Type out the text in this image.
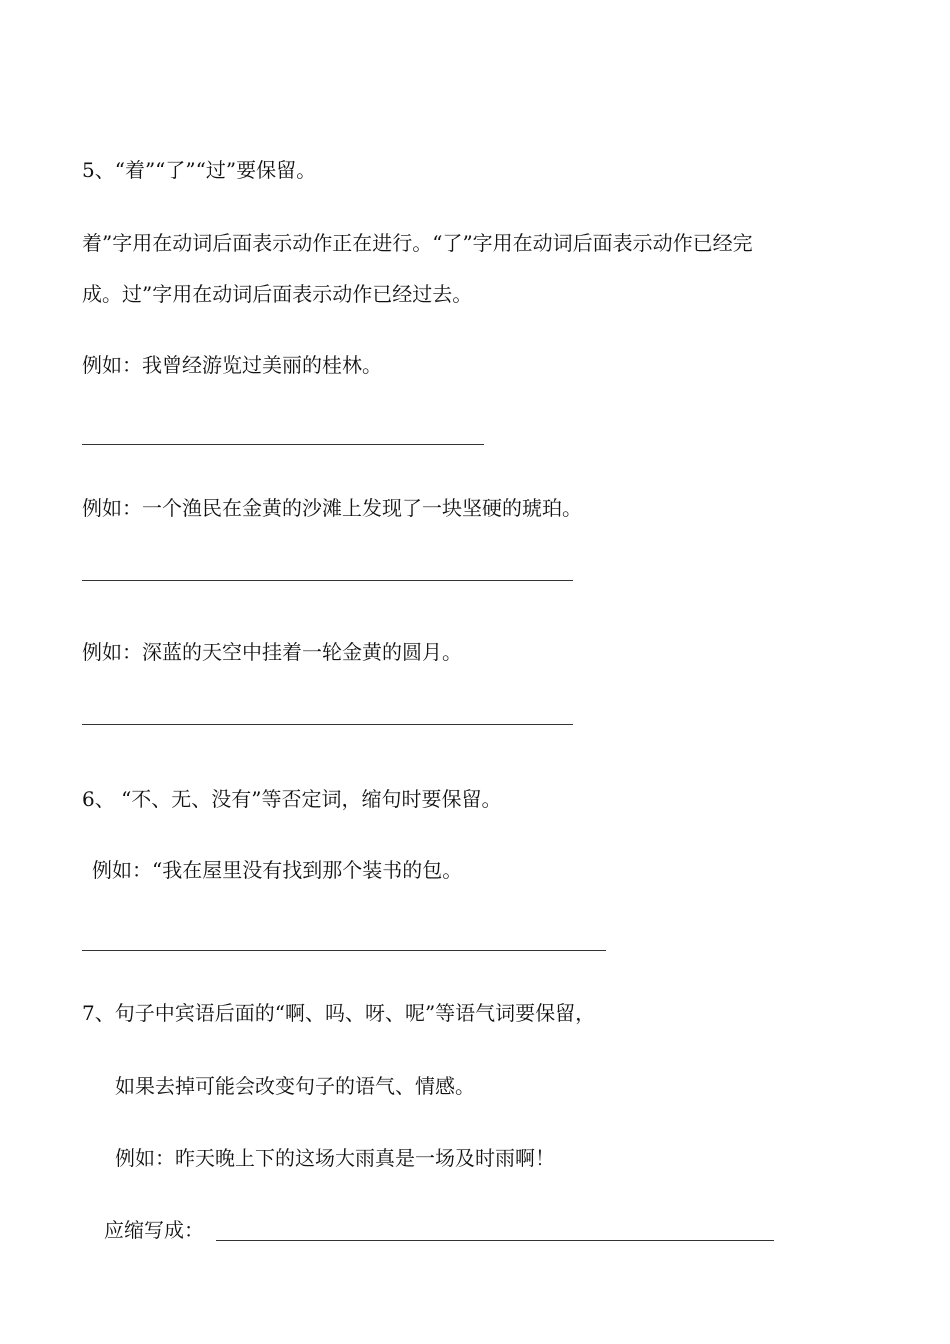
5、“着”“了”“过”要保留。
着”字用在动词后面表示动作正在进行。“了”字用在动词后面表示动作已经完
成。过”字用在动词后面表示动作已经过去。
例如：我曾经游览过美丽的桂林。
例如：一个渔民在金黄的沙滩上发现了一块坚硬的琥珀。
例如：深蓝的天空中挂着一轮金黄的圆月。
6、 “不、无、没有”等否定词，缩句时要保留。
例如：“我在屋里没有找到那个装书的包。
7、句子中宾语后面的“啊、吗、呀、呢”等语气词要保留，
如果去掉可能会改变句子的语气、情感。
例如：昨天晚上下的这场大雨真是一场及时雨啊！
应缩写成：
